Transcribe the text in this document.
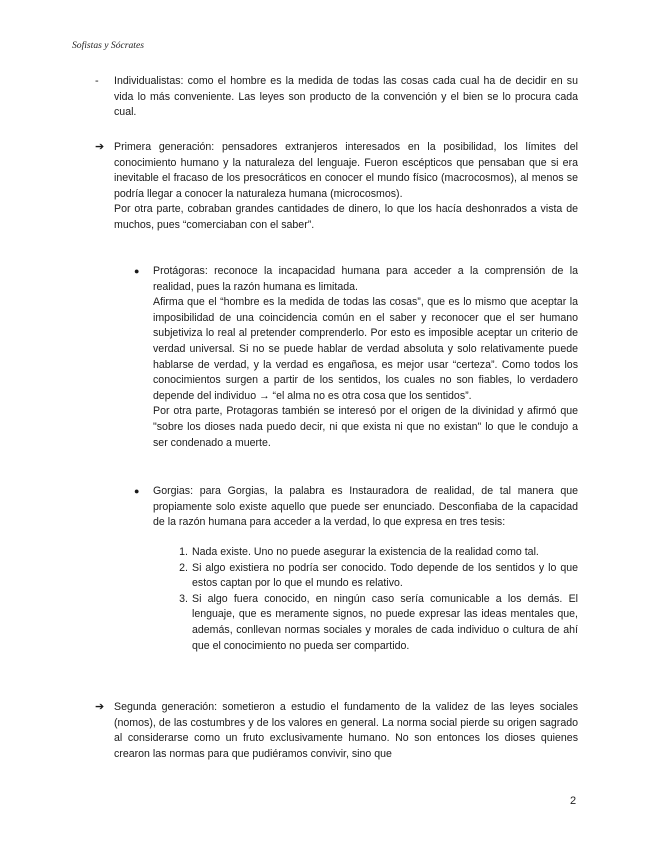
Sofistas y Sócrates
- Individualistas: como el hombre es la medida de todas las cosas cada cual ha de decidir en su vida lo más conveniente. Las leyes son producto de la convención y el bien se lo procura cada cual.

➔ Primera generación: pensadores extranjeros interesados en la posibilidad, los límites del conocimiento humano y la naturaleza del lenguaje. Fueron escépticos que pensaban que si era inevitable el fracaso de los presocráticos en conocer el mundo físico (macrocosmos), al menos se podría llegar a conocer la naturaleza humana (microcosmos).

Por otra parte, cobraban grandes cantidades de dinero, lo que los hacía deshonrados a vista de muchos, pues “comerciaban con el saber”.

● Protágoras: reconoce la incapacidad humana para acceder a la comprensión de la realidad, pues la razón humana es limitada.

Afirma que el “hombre es la medida de todas las cosas”, que es lo mismo que aceptar la imposibilidad de una coincidencia común en el saber y reconocer que el ser humano subjetiviza lo real al pretender comprenderlo. Por esto es imposible aceptar un criterio de verdad universal. Si no se puede hablar de verdad absoluta y solo relativamente puede hablarse de verdad, y la verdad es engañosa, es mejor usar “certeza”. Como todos los conocimientos surgen a partir de los sentidos, los cuales no son fiables, lo verdadero depende del individuo → “el alma no es otra cosa que los sentidos”.

Por otra parte, Protagoras también se interesó por el origen de la divinidad y afirmó que "sobre los dioses nada puedo decir, ni que exista ni que no existan" lo que le condujo a ser condenado a muerte.

● Gorgias: para Gorgias, la palabra es Instauradora de realidad, de tal manera que propiamente solo existe aquello que puede ser enunciado. Desconfiaba de la capacidad de la razón humana para acceder a la verdad, lo que expresa en tres tesis:

1. Nada existe. Uno no puede asegurar la existencia de la realidad como tal.

2. Si algo existiera no podría ser conocido. Todo depende de los sentidos y lo que estos captan por lo que el mundo es relativo.

3. Si algo fuera conocido, en ningún caso sería comunicable a los demás. El lenguaje, que es meramente signos, no puede expresar las ideas mentales que, además, conllevan normas sociales y morales de cada individuo o cultura de ahí que el conocimiento no pueda ser compartido.

➔ Segunda generación: sometieron a estudio el fundamento de la validez de las leyes sociales (nomos), de las costumbres y de los valores en general. La norma social pierde su origen sagrado al considerarse como un fruto exclusivamente humano. No son entonces los dioses quienes crearon las normas para que pudiéramos convivir, sino que

2
